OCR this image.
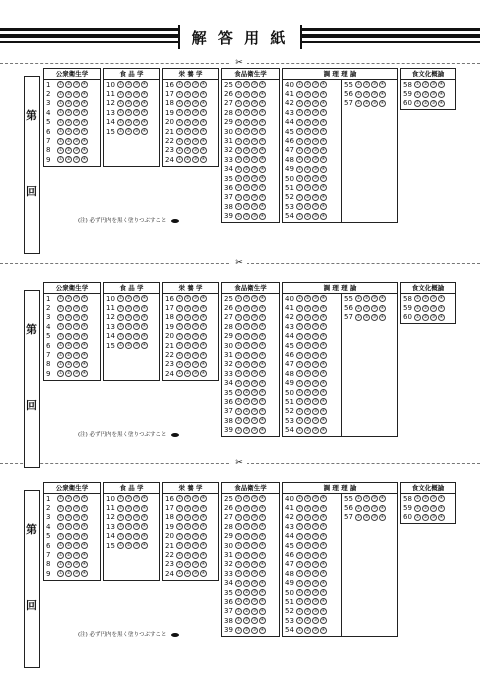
解 答 用 紙
✂
✂
✂
第
回
公衆衛生学
1	① ② ③ ④
2	① ② ③ ④
3	① ② ③ ④
4	① ② ③ ④
5	① ② ③ ④
6	① ② ③ ④
7	① ② ③ ④
8	① ② ③ ④
9	① ② ③ ④
食 品 学
10 ① ② ③ ④
11 ① ② ③ ④
12 ① ② ③ ④
13 ① ② ③ ④
14 ① ② ③ ④
15 ① ② ③ ④
栄 養 学
16 ① ② ③ ④
17 ① ② ③ ④
18 ① ② ③ ④
19 ① ② ③ ④
20 ① ② ③ ④
21 ① ② ③ ④
22 ① ② ③ ④
23 ① ② ③ ④
24 ① ② ③ ④
食品衛生学
25 ① ② ③ ④
26 ① ② ③ ④
27 ① ② ③ ④
28 ① ② ③ ④
29 ① ② ③ ④
30 ① ② ③ ④
31 ① ② ③ ④
32 ① ② ③ ④
33 ① ② ③ ④
34 ① ② ③ ④
35 ① ② ③ ④
36 ① ② ③ ④
37 ① ② ③ ④
38 ① ② ③ ④
39 ① ② ③ ④
調 理 理 論
40 ① ② ③ ④
41 ① ② ③ ④
42 ① ② ③ ④
43 ① ② ③ ④
44 ① ② ③ ④
45 ① ② ③ ④
46 ① ② ③ ④
47 ① ② ③ ④
48 ① ② ③ ④
49 ① ② ③ ④
50 ① ② ③ ④
51 ① ② ③ ④
52 ① ② ③ ④
53 ① ② ③ ④
54 ① ② ③ ④
55 ① ② ③ ④
56 ① ② ③ ④
57 ① ② ③ ④
食文化概論
58 ① ② ③ ④
59 ① ② ③ ④
60 ① ② ③ ④
(注) 必ず円内を黒く塗りつぶすこと
第
回
公衆衛生学
1	① ② ③ ④
2	① ② ③ ④
3	① ② ③ ④
4	① ② ③ ④
5	① ② ③ ④
6	① ② ③ ④
7	① ② ③ ④
8	① ② ③ ④
9	① ② ③ ④
食 品 学
10 ① ② ③ ④
11 ① ② ③ ④
12 ① ② ③ ④
13 ① ② ③ ④
14 ① ② ③ ④
15 ① ② ③ ④
栄 養 学
16 ① ② ③ ④
17 ① ② ③ ④
18 ① ② ③ ④
19 ① ② ③ ④
20 ① ② ③ ④
21 ① ② ③ ④
22 ① ② ③ ④
23 ① ② ③ ④
24 ① ② ③ ④
食品衛生学
25 ① ② ③ ④
26 ① ② ③ ④
27 ① ② ③ ④
28 ① ② ③ ④
29 ① ② ③ ④
30 ① ② ③ ④
31 ① ② ③ ④
32 ① ② ③ ④
33 ① ② ③ ④
34 ① ② ③ ④
35 ① ② ③ ④
36 ① ② ③ ④
37 ① ② ③ ④
38 ① ② ③ ④
39 ① ② ③ ④
調 理 理 論
40 ① ② ③ ④
41 ① ② ③ ④
42 ① ② ③ ④
43 ① ② ③ ④
44 ① ② ③ ④
45 ① ② ③ ④
46 ① ② ③ ④
47 ① ② ③ ④
48 ① ② ③ ④
49 ① ② ③ ④
50 ① ② ③ ④
51 ① ② ③ ④
52 ① ② ③ ④
53 ① ② ③ ④
54 ① ② ③ ④
55 ① ② ③ ④
56 ① ② ③ ④
57 ① ② ③ ④
食文化概論
58 ① ② ③ ④
59 ① ② ③ ④
60 ① ② ③ ④
(注) 必ず円内を黒く塗りつぶすこと
第
回
公衆衛生学
1	① ② ③ ④
2	① ② ③ ④
3	① ② ③ ④
4	① ② ③ ④
5	① ② ③ ④
6	① ② ③ ④
7	① ② ③ ④
8	① ② ③ ④
9	① ② ③ ④
食 品 学
10 ① ② ③ ④
11 ① ② ③ ④
12 ① ② ③ ④
13 ① ② ③ ④
14 ① ② ③ ④
15 ① ② ③ ④
栄 養 学
16 ① ② ③ ④
17 ① ② ③ ④
18 ① ② ③ ④
19 ① ② ③ ④
20 ① ② ③ ④
21 ① ② ③ ④
22 ① ② ③ ④
23 ① ② ③ ④
24 ① ② ③ ④
食品衛生学
25 ① ② ③ ④
26 ① ② ③ ④
27 ① ② ③ ④
28 ① ② ③ ④
29 ① ② ③ ④
30 ① ② ③ ④
31 ① ② ③ ④
32 ① ② ③ ④
33 ① ② ③ ④
34 ① ② ③ ④
35 ① ② ③ ④
36 ① ② ③ ④
37 ① ② ③ ④
38 ① ② ③ ④
39 ① ② ③ ④
調 理 理 論
40 ① ② ③ ④
41 ① ② ③ ④
42 ① ② ③ ④
43 ① ② ③ ④
44 ① ② ③ ④
45 ① ② ③ ④
46 ① ② ③ ④
47 ① ② ③ ④
48 ① ② ③ ④
49 ① ② ③ ④
50 ① ② ③ ④
51 ① ② ③ ④
52 ① ② ③ ④
53 ① ② ③ ④
54 ① ② ③ ④
55 ① ② ③ ④
56 ① ② ③ ④
57 ① ② ③ ④
食文化概論
58 ① ② ③ ④
59 ① ② ③ ④
60 ① ② ③ ④
(注) 必ず円内を黒く塗りつぶすこと
